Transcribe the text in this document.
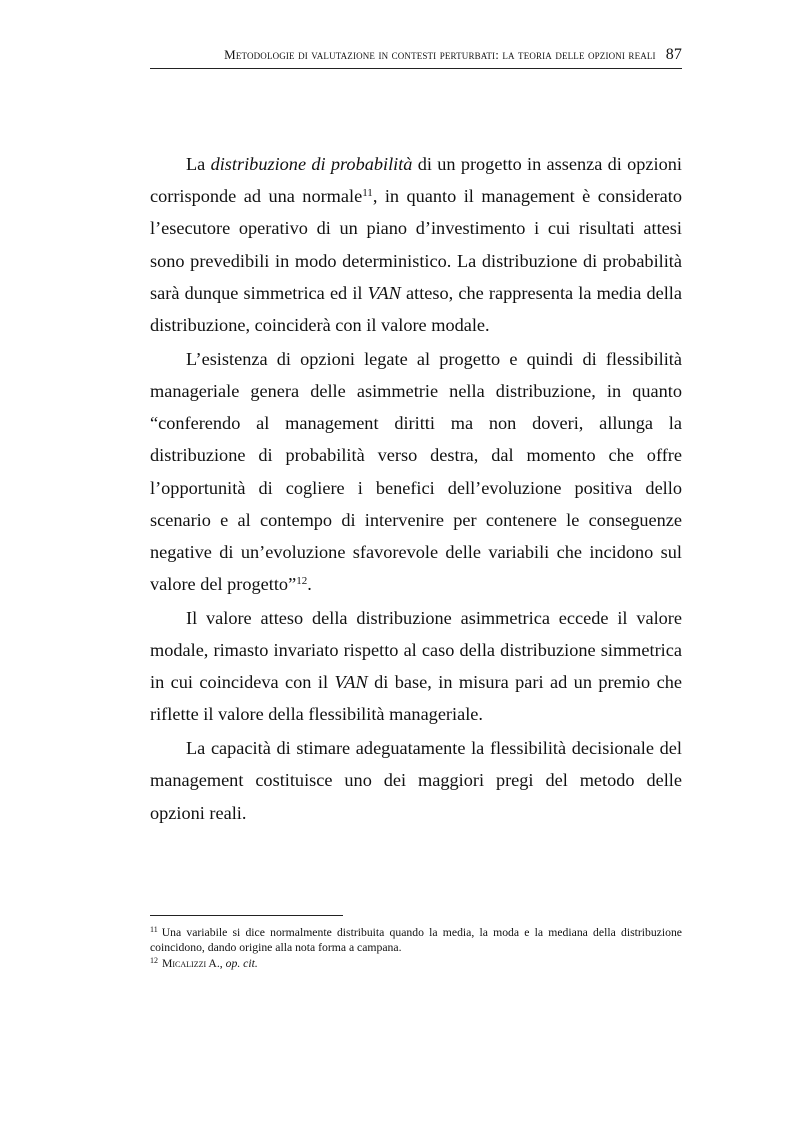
Metodologie di valutazione in contesti perturbati: la teoria delle opzioni reali 87

La distribuzione di probabilità di un progetto in assenza di opzioni corrisponde ad una normale$^{11}$, in quanto il management è considerato l’esecutore operativo di un piano d’investimento i cui risultati attesi sono prevedibili in modo deterministico. La distribuzione di probabilità sarà dunque simmetrica ed il VAN atteso, che rappresenta la media della distribuzione, coinciderà con il valore modale.

L’esistenza di opzioni legate al progetto e quindi di flessibilità manageriale genera delle asimmetrie nella distribuzione, in quanto “conferendo al management diritti ma non doveri, allunga la distribuzione di probabilità verso destra, dal momento che offre l’opportunità di cogliere i benefici dell’evoluzione positiva dello scenario e al contempo di intervenire per contenere le conseguenze negative di un’evoluzione sfavorevole delle variabili che incidono sul valore del progetto”$^{12}$.

Il valore atteso della distribuzione asimmetrica eccede il valore modale, rimasto invariato rispetto al caso della distribuzione simmetrica in cui coincideva con il VAN di base, in misura pari ad un premio che riflette il valore della flessibilità manageriale.

La capacità di stimare adeguatamente la flessibilità decisionale del management costituisce uno dei maggiori pregi del metodo delle opzioni reali.

$^{11}$ Una variabile si dice normalmente distribuita quando la media, la moda e la mediana della distribuzione coincidono, dando origine alla nota forma a campana.

$^{12}$ Micalizzi A., op. cit.
